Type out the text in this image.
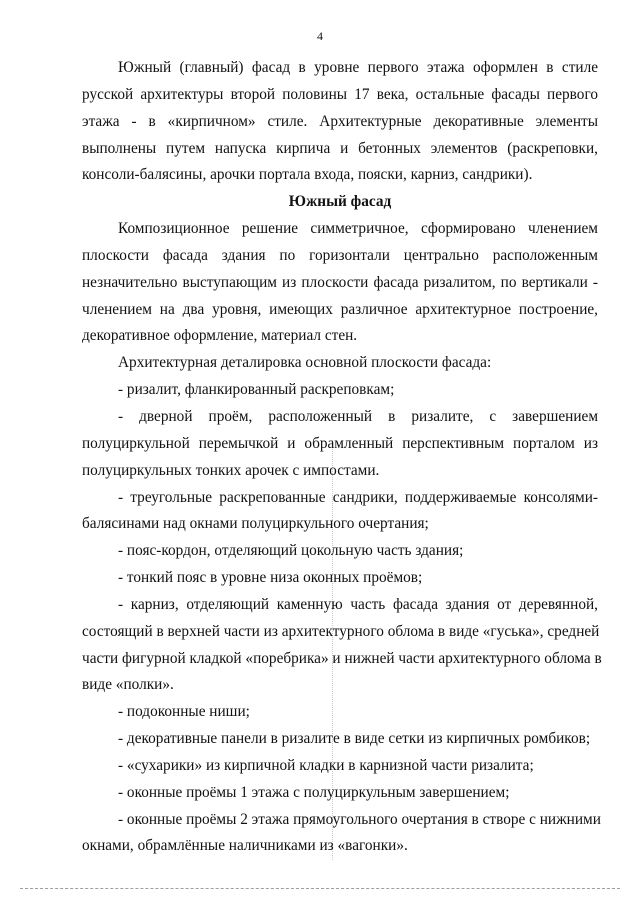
4
Южный (главный) фасад в уровне первого этажа оформлен в стиле
русской архитектуры второй половины 17 века, остальные фасады первого
этажа - в «кирпичном» стиле. Архитектурные декоративные элементы
выполнены путем напуска кирпича и бетонных элементов (раскреповки,
консоли-балясины, арочки портала входа, пояски, карниз, сандрики).
Южный фасад
Композиционное решение симметричное, сформировано членением
плоскости фасада здания по горизонтали центрально расположенным
незначительно выступающим из плоскости фасада ризалитом, по вертикали -
членением на два уровня, имеющих различное архитектурное построение,
декоративное оформление, материал стен.
Архитектурная деталировка основной плоскости фасада:
- ризалит, фланкированный раскреповкам;
- дверной проём, расположенный в ризалите, с завершением
полуциркульной перемычкой и обрамленный перспективным порталом из
полуциркульных тонких арочек с импостами.
- треугольные раскрепованные сандрики, поддерживаемые консолями-
балясинами над окнами полуциркульного очертания;
- пояс-кордон, отделяющий цокольную часть здания;
- тонкий пояс в уровне низа оконных проёмов;
- карниз, отделяющий каменную часть фасада здания от деревянной,
состоящий в верхней части из архитектурного облома в виде «гуська», средней
части фигурной кладкой «поребрика» и нижней части архитектурного облома в
виде «полки».
- подоконные ниши;
- декоративные панели в ризалите в виде сетки из кирпичных ромбиков;
- «сухарики» из кирпичной кладки в карнизной части ризалита;
- оконные проёмы 1 этажа с полуциркульным завершением;
- оконные проёмы 2 этажа прямоугольного очертания в створе с нижними
окнами, обрамлённые наличниками из «вагонки».
